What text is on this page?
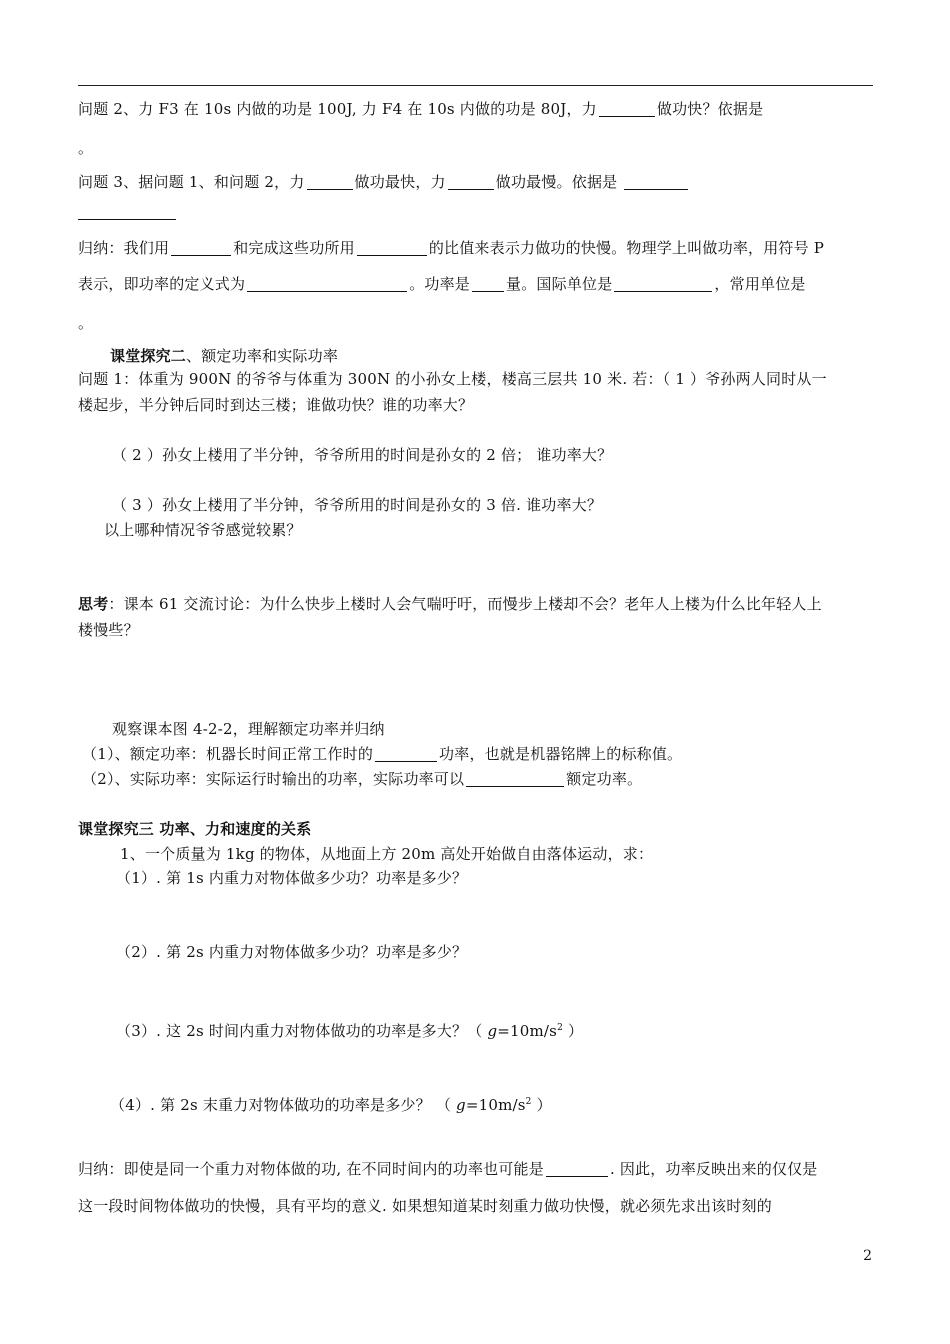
问题 2、力 F3 在 10s 内做的功是 100J, 力 F4 在 10s 内做的功是 80J，力	做功快？依据是
。
问题 3、据问题 1、和问题 2，力	做功最快，力	做功最慢。依据是
归纳：我们用	和完成这些功所用	的比值来表示力做功的快慢。物理学上叫做功率，用符号 P
表示，即功率的定义式为	。功率是 量。国际单位是	，常用单位是
。
课堂探究二、额定功率和实际功率
问题 1：体重为 900N 的爷爷与体重为 300N 的小孙女上楼，楼高三层共 10 米. 若：（ 1 ）爷孙两人同时从一
楼起步，半分钟后同时到达三楼；谁做功快？谁的功率大？
（ 2 ）孙女上楼用了半分钟，爷爷所用的时间是孙女的 2 倍； 谁功率大？
（ 3 ）孙女上楼用了半分钟，爷爷所用的时间是孙女的 3 倍. 谁功率大？
以上哪种情况爷爷感觉较累？
思考：课本 61 交流讨论：为什么快步上楼时人会气喘吁吁，而慢步上楼却不会？老年人上楼为什么比年轻人上
楼慢些？
观察课本图 4-2-2，理解额定功率并归纳
（1）、额定功率：机器长时间正常工作时的	功率，也就是机器铭牌上的标称值。
（2）、实际功率：实际运行时输出的功率，实际功率可以	额定功率。
课堂探究三 功率、力和速度的关系
1、一个质量为 1kg 的物体，从地面上方 20m 高处开始做自由落体运动，求：
（1）. 第 1s 内重力对物体做多少功？功率是多少？
（2）. 第 2s 内重力对物体做多少功？功率是多少？
（3）. 这 2s 时间内重力对物体做功的功率是多大？（ $g=10m/s^2$ ）
（4）. 第 2s 末重力对物体做功的功率是多少？ （ $g=10m/s^2$ ）
归纳：即使是同一个重力对物体做的功, 在不同时间内的功率也可能是	. 因此，功率反映出来的仅仅是
这一段时间物体做功的快慢，具有平均的意义. 如果想知道某时刻重力做功快慢，就必须先求出该时刻的
2
